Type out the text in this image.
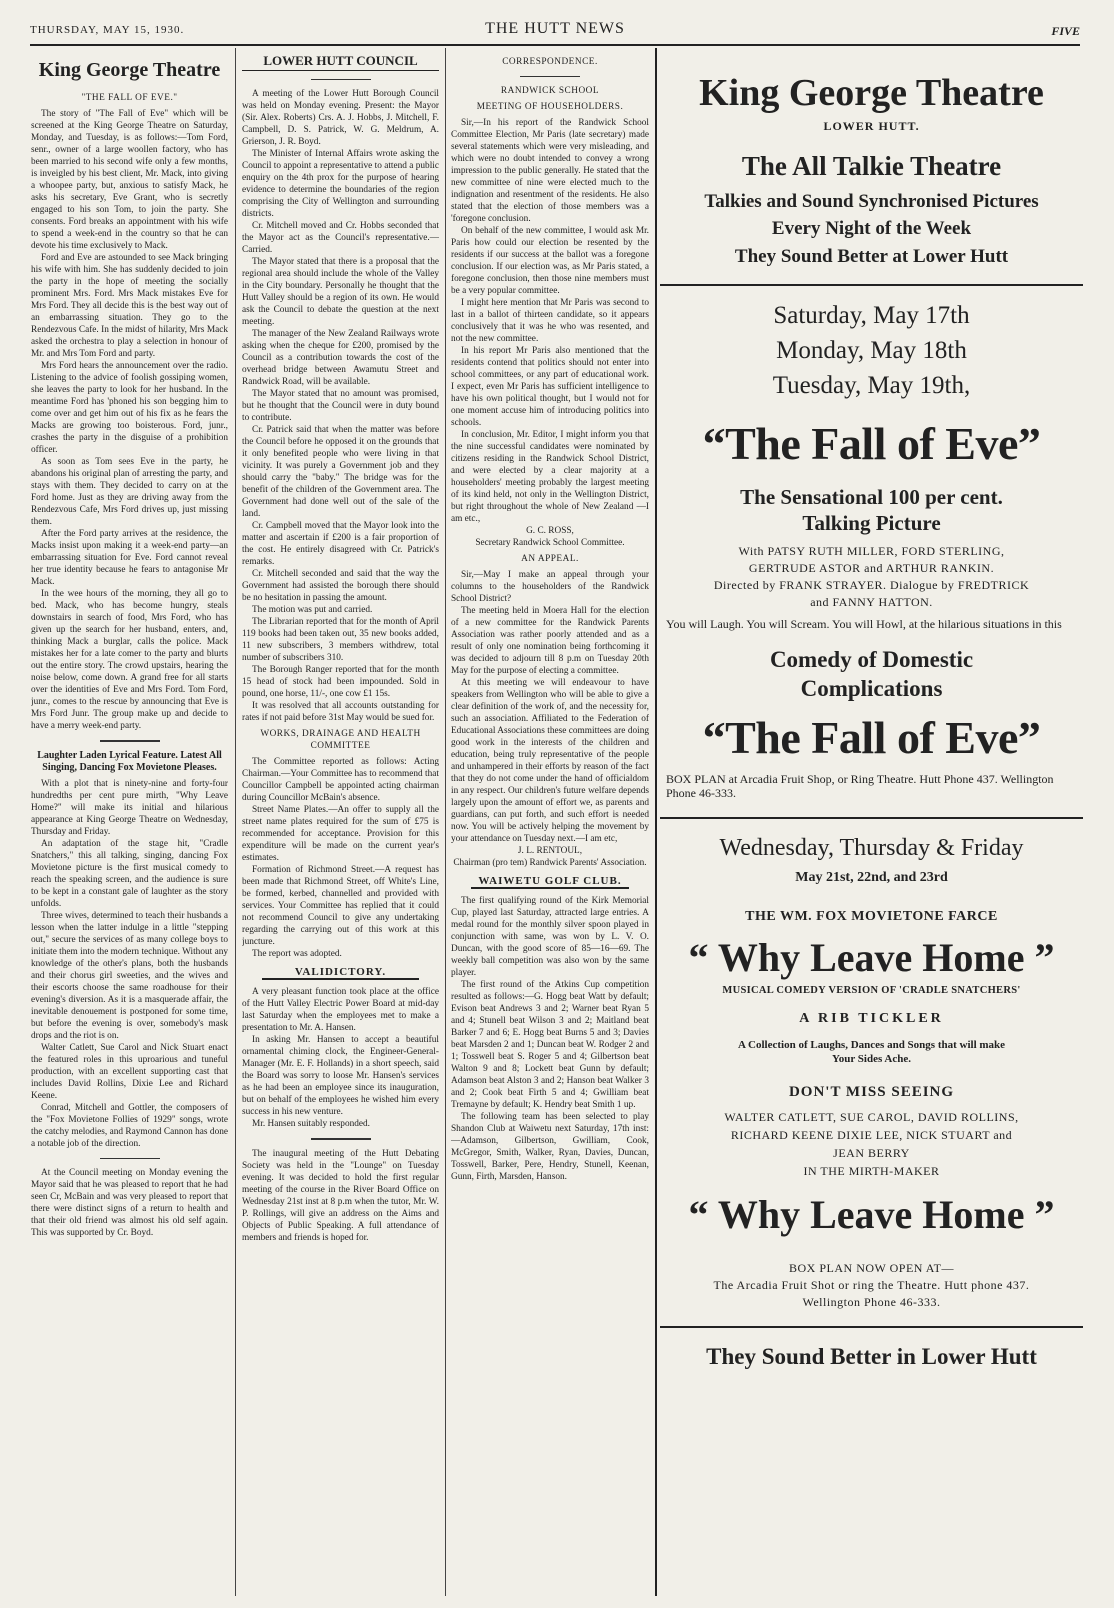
THURSDAY, MAY 15, 1930.	THE HUTT NEWS	FIVE

King George Theatre

"THE FALL OF EVE."

The story of "The Fall of Eve" which will be screened at the King George Theatre on Saturday, Monday, and Tuesday, is as follows:—Tom Ford, senr., owner of a large woollen factory, who has been married to his second wife only a few months, is inveigled by his best client, Mr. Mack, into giving a whoopee party, but, anxious to satisfy Mack, he asks his secretary, Eve Grant, who is secretly engaged to his son Tom, to join the party. She consents. Ford breaks an appointment with his wife to spend a week-end in the country so that he can devote his time exclusively to Mack.

Ford and Eve are astounded to see Mack bringing his wife with him. She has suddenly decided to join the party in the hope of meeting the socially prominent Mrs. Ford. Mrs Mack mistakes Eve for Mrs Ford. They all decide this is the best way out of an embarrassing situation. They go to the Rendezvous Cafe. In the midst of hilarity, Mrs Mack asked the orchestra to play a selection in honour of Mr. and Mrs Tom Ford and party.

Mrs Ford hears the announcement over the radio. Listening to the advice of foolish gossiping women, she leaves the party to look for her husband. In the meantime Ford has 'phoned his son begging him to come over and get him out of his fix as he fears the Macks are growing too boisterous. Ford, junr., crashes the party in the disguise of a prohibition officer.

As soon as Tom sees Eve in the party, he abandons his original plan of arresting the party, and stays with them. They decided to carry on at the Ford home. Just as they are driving away from the Rendezvous Cafe, Mrs Ford drives up, just missing them.

After the Ford party arrives at the residence, the Macks insist upon making it a week-end party—an embarrassing situation for Eve. Ford cannot reveal her true identity because he fears to antagonise Mr Mack.

In the wee hours of the morning, they all go to bed. Mack, who has become hungry, steals downstairs in search of food, Mrs Ford, who has given up the search for her husband, enters, and, thinking Mack a burglar, calls the police. Mack mistakes her for a late comer to the party and blurts out the entire story. The crowd upstairs, hearing the noise below, come down. A grand free for all starts over the identities of Eve and Mrs Ford. Tom Ford, junr., comes to the rescue by announcing that Eve is Mrs Ford Junr. The group make up and decide to have a merry week-end party.

Laughter Laden Lyrical Feature. Latest All Singing, Dancing Fox Movietone Pleases.

With a plot that is ninety-nine and forty-four hundredths per cent pure mirth, "Why Leave Home?" will make its initial and hilarious appearance at King George Theatre on Wednesday, Thursday and Friday.

An adaptation of the stage hit, "Cradle Snatchers," this all talking, singing, dancing Fox Movietone picture is the first musical comedy to reach the speaking screen, and the audience is sure to be kept in a constant gale of laughter as the story unfolds.

Three wives, determined to teach their husbands a lesson when the latter indulge in a little "stepping out," secure the services of as many college boys to initiate them into the modern technique. Without any knowledge of the other's plans, both the husbands and their chorus girl sweeties, and the wives and their escorts choose the same roadhouse for their evening's diversion. As it is a masquerade affair, the inevitable denouement is postponed for some time, but before the evening is over, somebody's mask drops and the riot is on.

Walter Catlett, Sue Carol and Nick Stuart enact the featured roles in this uproarious and tuneful production, with an excellent supporting cast that includes David Rollins, Dixie Lee and Richard Keene.

Conrad, Mitchell and Gottler, the composers of the "Fox Movietone Follies of 1929" songs, wrote the catchy melodies, and Raymond Cannon has done a notable job of the direction.

At the Council meeting on Monday evening the Mayor said that he was pleased to report that he had seen Cr, McBain and was very pleased to report that there were distinct signs of a return to health and that their old friend was almost his old self again. This was supported by Cr. Boyd.

LOWER HUTT COUNCIL

A meeting of the Lower Hutt Borough Council was held on Monday evening. Present: the Mayor (Sir. Alex. Roberts) Crs. A. J. Hobbs, J. Mitchell, F. Campbell, D. S. Patrick, W. G. Meldrum, A. Grierson, J. R. Boyd.

The Minister of Internal Affairs wrote asking the Council to appoint a representative to attend a public enquiry on the 4th prox for the purpose of hearing evidence to determine the boundaries of the region comprising the City of Wellington and surrounding districts.

Cr. Mitchell moved and Cr. Hobbs seconded that the Mayor act as the Council's representative.—Carried.

The Mayor stated that there is a proposal that the regional area should include the whole of the Valley in the City boundary. Personally he thought that the Hutt Valley should be a region of its own. He would ask the Council to debate the question at the next meeting.

The manager of the New Zealand Railways wrote asking when the cheque for £200, promised by the Council as a contribution towards the cost of the overhead bridge between Awamutu Street and Randwick Road, will be available.

The Mayor stated that no amount was promised, but he thought that the Council were in duty bound to contribute.

Cr. Patrick said that when the matter was before the Council before he opposed it on the grounds that it only benefited people who were living in that vicinity. It was purely a Government job and they should carry the "baby." The bridge was for the benefit of the children of the Government area. The Government had done well out of the sale of the land.

Cr. Campbell moved that the Mayor look into the matter and ascertain if £200 is a fair proportion of the cost. He entirely disagreed with Cr. Patrick's remarks.

Cr. Mitchell seconded and said that the way the Government had assisted the borough there should be no hesitation in passing the amount.

The motion was put and carried.

The Librarian reported that for the month of April 119 books had been taken out, 35 new books added, 11 new subscribers, 3 members withdrew, total number of subscribers 310.

The Borough Ranger reported that for the month 15 head of stock had been impounded. Sold in pound, one horse, 11/-, one cow £1 15s.

It was resolved that all accounts outstanding for rates if not paid before 31st May would be sued for.

WORKS, DRAINAGE AND HEALTH COMMITTEE

The Committee reported as follows: Acting Chairman.—Your Committee has to recommend that Councillor Campbell be appointed acting chairman during Councillor McBain's absence.

Street Name Plates.—An offer to supply all the street name plates required for the sum of £75 is recommended for acceptance. Provision for this expenditure will be made on the current year's estimates.

Formation of Richmond Street.—A request has been made that Richmond Street, off White's Line, be formed, kerbed, channelled and provided with services. Your Committee has replied that it could not recommend Council to give any undertaking regarding the carrying out of this work at this juncture.

The report was adopted.

VALIDICTORY.

A very pleasant function took place at the office of the Hutt Valley Electric Power Board at mid-day last Saturday when the employees met to make a presentation to Mr. A. Hansen.

In asking Mr. Hansen to accept a beautiful ornamental chiming clock, the Engineer-General-Manager (Mr. E. F. Hollands) in a short speech, said the Board was sorry to loose Mr. Hansen's services as he had been an employee since its inauguration, but on behalf of the employees he wished him every success in his new venture.

Mr. Hansen suitably responded.

The inaugural meeting of the Hutt Debating Society was held in the "Lounge" on Tuesday evening. It was decided to hold the first regular meeting of the course in the River Board Office on Wednesday 21st inst at 8 p.m when the tutor, Mr. W. P. Rollings, will give an address on the Aims and Objects of Public Speaking. A full attendance of members and friends is hoped for.

CORRESPONDENCE.

RANDWICK SCHOOL

MEETING OF HOUSEHOLDERS.

Sir,—In his report of the Randwick School Committee Election, Mr Paris (late secretary) made several statements which were very misleading, and which were no doubt intended to convey a wrong impression to the public generally. He stated that the new committee of nine were elected much to the indignation and resentment of the residents. He also stated that the election of those members was a 'foregone conclusion.

On behalf of the new committee, I would ask Mr. Paris how could our election be resented by the residents if our success at the ballot was a foregone conclusion. If our election was, as Mr Paris stated, a foregone conclusion, then those nine members must be a very popular committee.

I might here mention that Mr Paris was second to last in a ballot of thirteen candidate, so it appears conclusively that it was he who was resented, and not the new committee.

In his report Mr Paris also mentioned that the residents contend that politics should not enter into school committees, or any part of educational work. I expect, even Mr Paris has sufficient intelligence to have his own political thought, but I would not for one moment accuse him of introducing politics into schools.

In conclusion, Mr. Editor, I might inform you that the nine successful candidates were nominated by citizens residing in the Randwick School District, and were elected by a clear majority at a householders' meeting probably the largest meeting of its kind held, not only in the Wellington District, but right throughout the whole of New Zealand —I am etc.,

G. C. ROSS,

Secretary Randwick School Committee.

AN APPEAL.

Sir,—May I make an appeal through your columns to the householders of the Randwick School District?

The meeting held in Moera Hall for the election of a new committee for the Randwick Parents Association was rather poorly attended and as a result of only one nomination being forthcoming it was decided to adjourn till 8 p.m on Tuesday 20th May for the purpose of electing a committee.

At this meeting we will endeavour to have speakers from Wellington who will be able to give a clear definition of the work of, and the necessity for, such an association. Affiliated to the Federation of Educational Associations these committees are doing good work in the interests of the children and education, being truly representative of the people and unhampered in their efforts by reason of the fact that they do not come under the hand of officialdom in any respect. Our children's future welfare depends largely upon the amount of effort we, as parents and guardians, can put forth, and such effort is needed now. You will be actively helping the movement by your attendance on Tuesday next.—I am etc,

J. L. RENTOUL,

Chairman (pro tem) Randwick Parents' Association.

WAIWETU GOLF CLUB.

The first qualifying round of the Kirk Memorial Cup, played last Saturday, attracted large entries. A medal round for the monthly silver spoon played in conjunction with same, was won by L. V. O. Duncan, with the good score of 85—16—69. The weekly ball competition was also won by the same player.

The first round of the Atkins Cup competition resulted as follows:—G. Hogg beat Watt by default; Evison beat Andrews 3 and 2; Warner beat Ryan 5 and 4; Stunell beat Wilson 3 and 2; Maitland beat Barker 7 and 6; E. Hogg beat Burns 5 and 3; Davies beat Marsden 2 and 1; Duncan beat W. Rodger 2 and 1; Tosswell beat S. Roger 5 and 4; Gilbertson beat Walton 9 and 8; Lockett beat Gunn by default; Adamson beat Alston 3 and 2; Hanson beat Walker 3 and 2; Cook beat Firth 5 and 4; Gwilliam beat Tremayne by default; K. Hendry beat Smith 1 up.

The following team has been selected to play Shandon Club at Waiwetu next Saturday, 17th inst:—Adamson, Gilbertson, Gwilliam, Cook, McGregor, Smith, Walker, Ryan, Davies, Duncan, Tosswell, Barker, Pere, Hendry, Stunell, Keenan, Gunn, Firth, Marsden, Hanson.

King George Theatre
LOWER HUTT.
The All Talkie Theatre
Talkies and Sound Synchronised Pictures
Every Night of the Week
They Sound Better at Lower Hutt
Saturday, May 17th
Monday, May 18th
Tuesday, May 19th,
“The Fall of Eve”
The Sensational 100 per cent.
Talking Picture
With PATSY RUTH MILLER, FORD STERLING,
GERTRUDE ASTOR and ARTHUR RANKIN.
Directed by FRANK STRAYER. Dialogue by FREDTRICK
and FANNY HATTON.
You will Laugh. You will Scream. You will Howl, at the hilarious situations in this
Comedy of Domestic
Complications
“The Fall of Eve”
BOX PLAN at Arcadia Fruit Shop, or Ring Theatre. Hutt Phone 437. Wellington Phone 46-333.
Wednesday, Thursday & Friday
May 21st, 22nd, and 23rd
THE WM. FOX MOVIETONE FARCE
“ Why Leave Home ”
MUSICAL COMEDY VERSION OF 'CRADLE SNATCHERS'
A RIB TICKLER
A Collection of Laughs, Dances and Songs that will make
Your Sides Ache.
DON'T MISS SEEING
WALTER CATLETT, SUE CAROL, DAVID ROLLINS,
RICHARD KEENE DIXIE LEE, NICK STUART and
JEAN BERRY
IN THE MIRTH-MAKER
“ Why Leave Home ”
BOX PLAN NOW OPEN AT—
The Arcadia Fruit Shot or ring the Theatre. Hutt phone 437.
Wellington Phone 46-333.
They Sound Better in Lower Hutt
